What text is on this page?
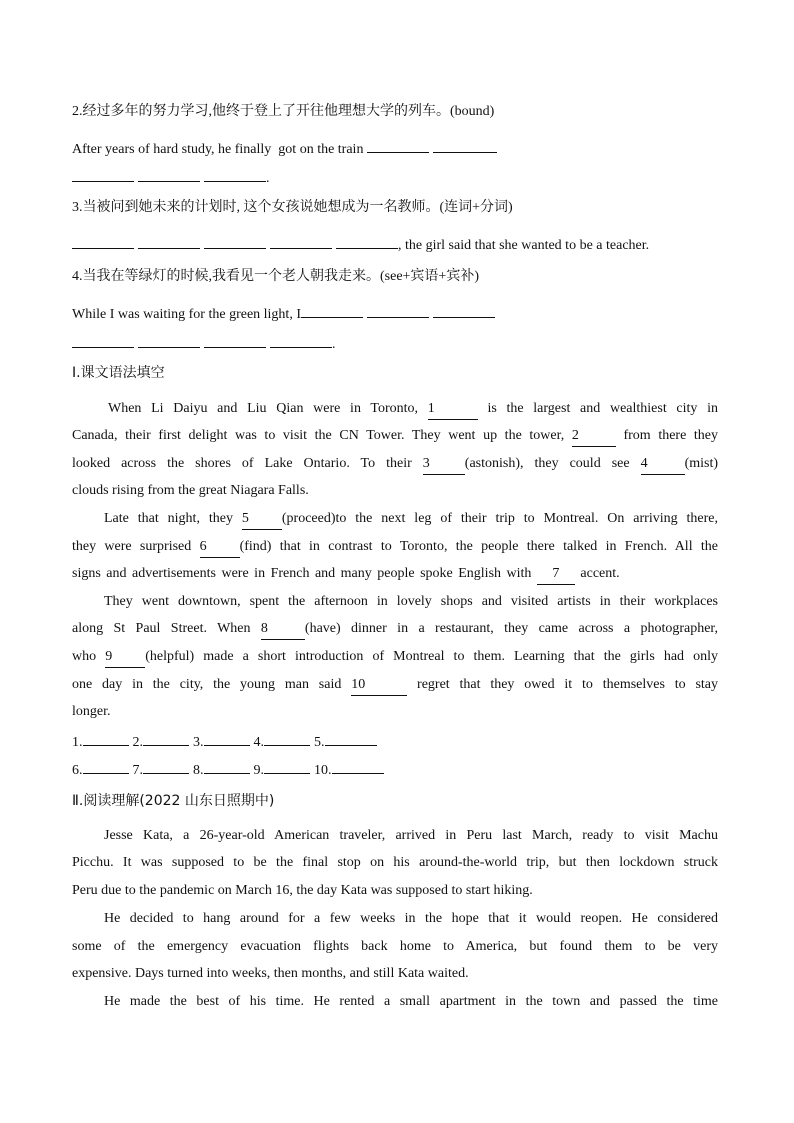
2.经过多年的努力学习,他终于登上了开往他理想大学的列车。(bound)
After years of hard study, he finally  got on the train
.
3.当被问到她未来的计划时, 这个女孩说她想成为一名教师。(连词+分词)
, the girl said that she wanted to be a teacher.
4.当我在等绿灯的时候,我看见一个老人朝我走来。(see+宾语+宾补)
While I was waiting for the green light, I
.
Ⅰ.课文语法填空
When Li Daiyu and Liu Qian were in Toronto, 1	is the largest and wealthiest city in
Canada, their first delight was to visit the CN Tower. They went up the tower, 2	from there they
looked across the shores of Lake Ontario. To their 3	(astonish), they could see 4	(mist)
clouds rising from the great Niagara Falls.
Late that night, they 5 (proceed)to the next leg of their trip to Montreal. On arriving there,
they were surprised 6 (find) that in contrast to Toronto, the people there talked in French. All the
signs and advertisements were in French and many people spoke English with 7 accent.
They went downtown, spent the afternoon in lovely shops and visited artists in their workplaces
along St Paul Street. When 8	(have) dinner in a restaurant, they came across a photographer,
who 9 (helpful) made a short introduction of Montreal to them. Learning that the girls had only
one day in the city, the young man said 10	regret that they owed it to themselves to stay
longer.
1.	2.	3.	4.	5.
6.	7.	8.	9.	10.
Ⅱ.阅读理解(2022 山东日照期中)
Jesse Kata, a 26-year-old American traveler, arrived in Peru last March, ready to visit Machu
Picchu. It was supposed to be the final stop on his around-the-world trip, but then lockdown struck
Peru due to the pandemic on March 16, the day Kata was supposed to start hiking.
He decided to hang around for a few weeks in the hope that it would reopen. He considered
some of the emergency evacuation flights back home to America, but found them to be very
expensive. Days turned into weeks, then months, and still Kata waited.
He made the best of his time. He rented a small apartment in the town and passed the time
